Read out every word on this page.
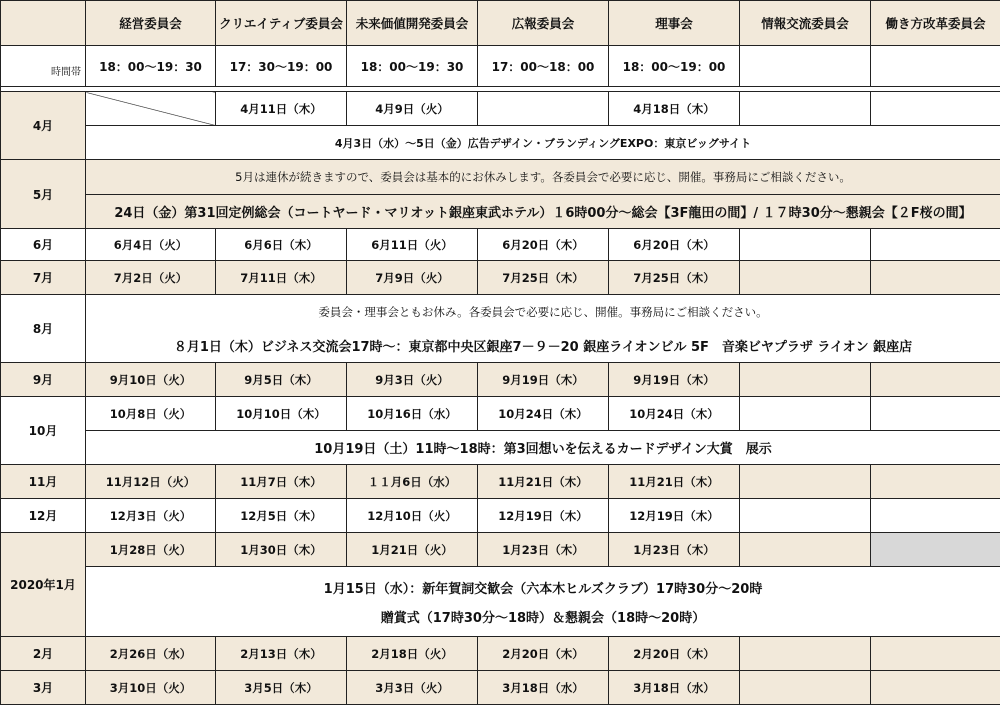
	経営委員会	クリエイティブ委員会	未来価値開発委員会	広報委員会	理事会	情報交流委員会	働き方改革委員会
時間帯	18：00～19：30	17：30～19：00	18：00～19：30	17：00～18：00	18：00～19：00		

4月		4月11日（木）	4月9日（火）		4月18日（木）		
	4月3日（水）～5日（金）広告デザイン・ブランディングEXPO：東京ビッグサイト						
5月	5月は連休が続きますので、委員会は基本的にお休みします。各委員会で必要に応じ、開催。事務局にご相談ください。						
	24日（金）第31回定例総会（コートヤード・マリオット銀座東武ホテル）１6時00分～総会【3F龍田の間】/ １７時30分～懇親会【２F桜の間】						
6月	6月4日（火）	6月6日（木）	6月11日（火）	6月20日（木）	6月20日（木）		
7月	7月2日（火）	7月11日（木）	7月9日（火）	7月25日（木）	7月25日（木）		
8月	委員会・理事会ともお休み。各委員会で必要に応じ、開催。事務局にご相談ください。						
	８月1日（木）ビジネス交流会17時～：東京都中央区銀座7－９－20 銀座ライオンビル 5F　音楽ビヤプラザ ライオン 銀座店						
9月	9月10日（火）	9月5日（木）	9月3日（火）	9月19日（木）	9月19日（木）		
10月	10月8日（火）	10月10日（木）	10月16日（水）	10月24日（木）	10月24日（木）		
	10月19日（土）11時～18時：第3回想いを伝えるカードデザイン大賞　展示						
11月	11月12日（火）	11月7日（木）	１１月6日（水）	11月21日（木）	11月21日（木）		
12月	12月3日（火）	12月5日（木）	12月10日（火）	12月19日（木）	12月19日（木）		
2020年1月	1月28日（火）	1月30日（木）	1月21日（火）	1月23日（木）	1月23日（木）		

	1月15日（水）：新年賀詞交歓会（六本木ヒルズクラブ）17時30分～20時
贈賞式（17時30分～18時）＆懇親会（18時～20時）						

2月	2月26日（水）	2月13日（木）	2月18日（火）	2月20日（木）	2月20日（木）		
3月	3月10日（火）	3月5日（木）	3月3日（火）	3月18日（水）	3月18日（水）		
